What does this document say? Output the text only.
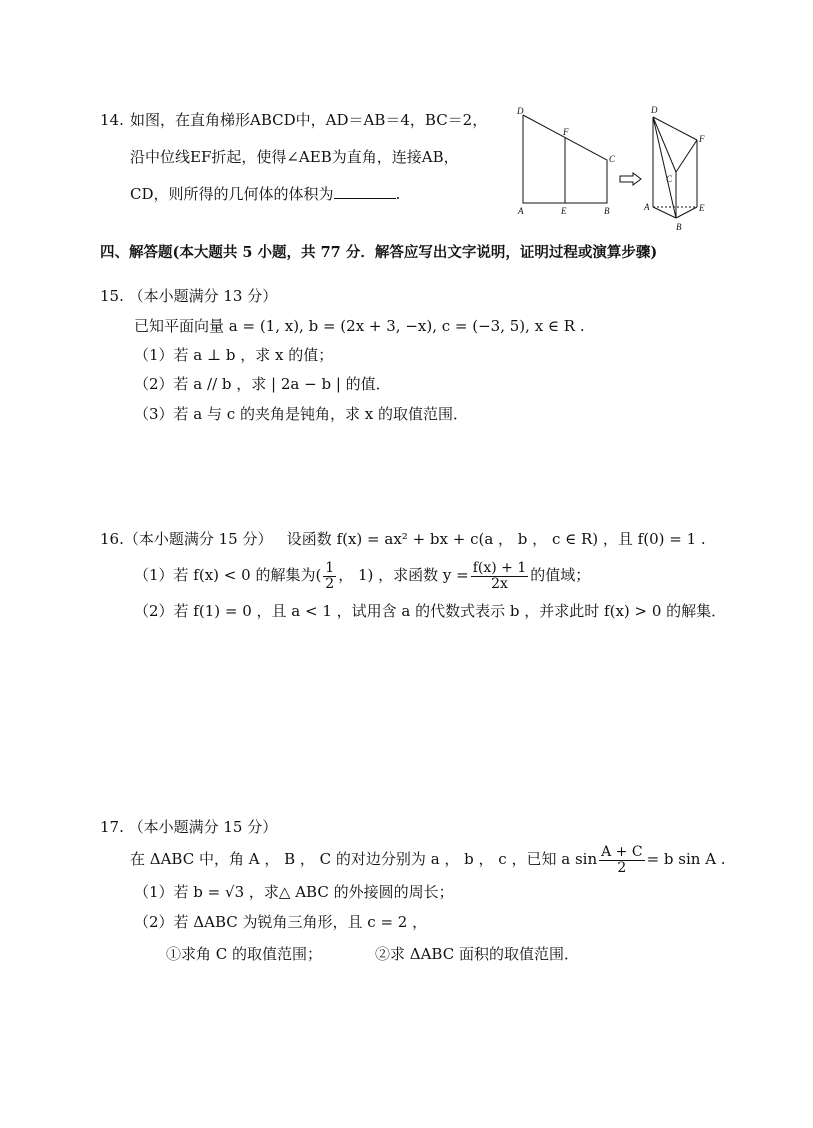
14. 如图，在直角梯形ABCD中，AD＝AB＝4，BC＝2，
沿中位线EF折起，使得∠AEB为直角，连接AB，
CD，则所得的几何体的体积为	.
D
F
C
A	E	B
D
F
C
A	E
B
四、解答题(本大题共 5 小题，共 77 分．解答应写出文字说明，证明过程或演算步骤)
15. （本小题满分 13 分）
已知平面向量 a = (1, x), b = (2x + 3, −x), c = (−3, 5), x ∈ R .
（1）若 a ⊥ b ，求 x 的值；
（2）若 a // b ，求 | 2a − b | 的值．
（3）若 a 与 c 的夹角是钝角，求 x 的取值范围．
16.（本小题满分 15 分） 设函数 f(x) = ax² + bx + c(a ， b ， c ∈ R) ，且 f(0) = 1 .
（1）若 f(x) < 0 的解集为( $\frac{1}{2}$ ， 1) ，求函数 $y = \frac{f(x) + 1}{2x}$ 的值域；
（2）若 f(1) = 0 ，且 a < 1 ，试用含 a 的代数式表示 b ，并求此时 f(x) > 0 的解集．
17. （本小题满分 15 分）
在 ΔABC 中，角 A ， B ， C 的对边分别为 a ， b ， c ，已知 a $\sin \frac{A + C}{2} = b$ sin A .
（1）若 b = √3 ，求△ ABC 的外接圆的周长；
（2）若 ΔABC 为锐角三角形，且 c = 2 ，
①求角 C 的取值范围；	②求 ΔABC 面积的取值范围．
